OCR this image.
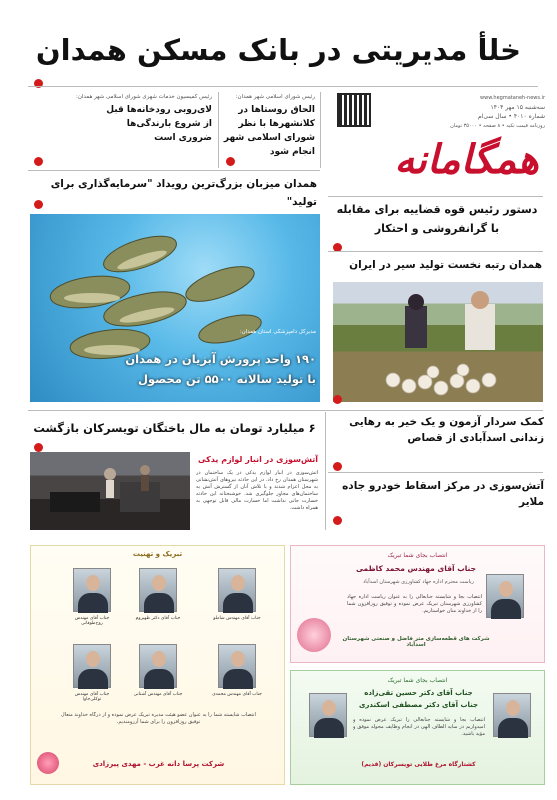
خلأ مدیریتی در بانک مسکن همدان
www.hegmataneh-news.ir
سه‌شنبه ۱۵ مهر ۱۴۰۴
شماره ۴۰۱۰ • سال سی‌ام
روزنامه قیمت تکیه • ۸ صفحه • ۳۵۰۰۰ تومان
همگامانه
رئیس شورای اسلامی شهر همدان:
الحاق روستاها در کلانشهرها با نظر شورای اسلامی شهر انجام شود
رئیس کمیسیون خدمات شهری شورای اسلامی شهر همدان:
لای‌روبی رودخانه‌ها قبل از شروع بارندگی‌ها ضروری است
همدان میزبان بزرگ‌ترین رویداد "سرمایه‌گذاری برای تولید"
دستور رئیس قوه قضاییه برای مقابله با گرانفروشی و احتکار
مدیرکل دامپزشکی استان همدان:
۱۹۰ واحد پرورش آبزیان در همدان
با تولید سالانه ۵۵۰۰ تن محصول
همدان رتبه نخست تولید سیر در ایران
۶ میلیارد تومان به مال باختگان تویسرکان بازگشت
آتش‌سوزی در انبار لوازم یدکی
آتش‌سوزی در انبار لوازم یدکی در یک ساختمان در شهرستان همدان رخ داد. در این حادثه نیروهای آتش‌نشانی به محل اعزام شدند و با تلاش آنان از گسترش آتش به ساختمان‌های مجاور جلوگیری شد. خوشبختانه این حادثه خسارت جانی نداشت اما خسارت مالی قابل توجهی به همراه داشت.
کمک سردار آزمون و یک خیر به رهایی زندانی اسدآبادی از قصاص
آتش‌سوزی در مرکز اسقاط خودرو جاده ملایر
تبریک و تهنیت
جناب آقای مهندس شاملو
جناب آقای دکتر ظهیروم
جناب آقای مهندس روح‌طوفانی
جناب آقای مهندس محمدی
جناب آقای مهندس آشنانی
جناب آقای مهندس توکلی‌جاوا
انتصاب شایسته شما را به عنوان عضو هیئت مدیره تبریک عرض نموده و از درگاه خداوند متعال توفیق روزافزون را برای شما آرزومندیم.
شرکت پرسا دانه غرب - مهدی پیرزادی
انتصاب بجای شما تبریک
جناب آقای مهندس محمد کاظمی
ریاست محترم اداره جهاد کشاورزی شهرستان اسدآباد
انتصاب بجا و شایسته جنابعالی را به عنوان ریاست اداره جهاد کشاورزی شهرستان تبریک عرض نموده و توفیق روزافزون شما را از خداوند منان خواستاریم.
شرکت های قطعه‌سازی متر فاضل و صنعتی شهرستان اسدآباد
انتصاب بجای شما تبریک
جناب آقای دکتر حسین تقی‌زاده
جناب آقای دکتر مصطفی اسکندری
انتصاب بجا و شایسته جنابعالی را تبریک عرض نموده و امیدواریم در سایه الطاف الهی در انجام وظایف محوله موفق و مؤید باشید.
کشتارگاه مرغ طلایی تویسرکان (قدیم)
